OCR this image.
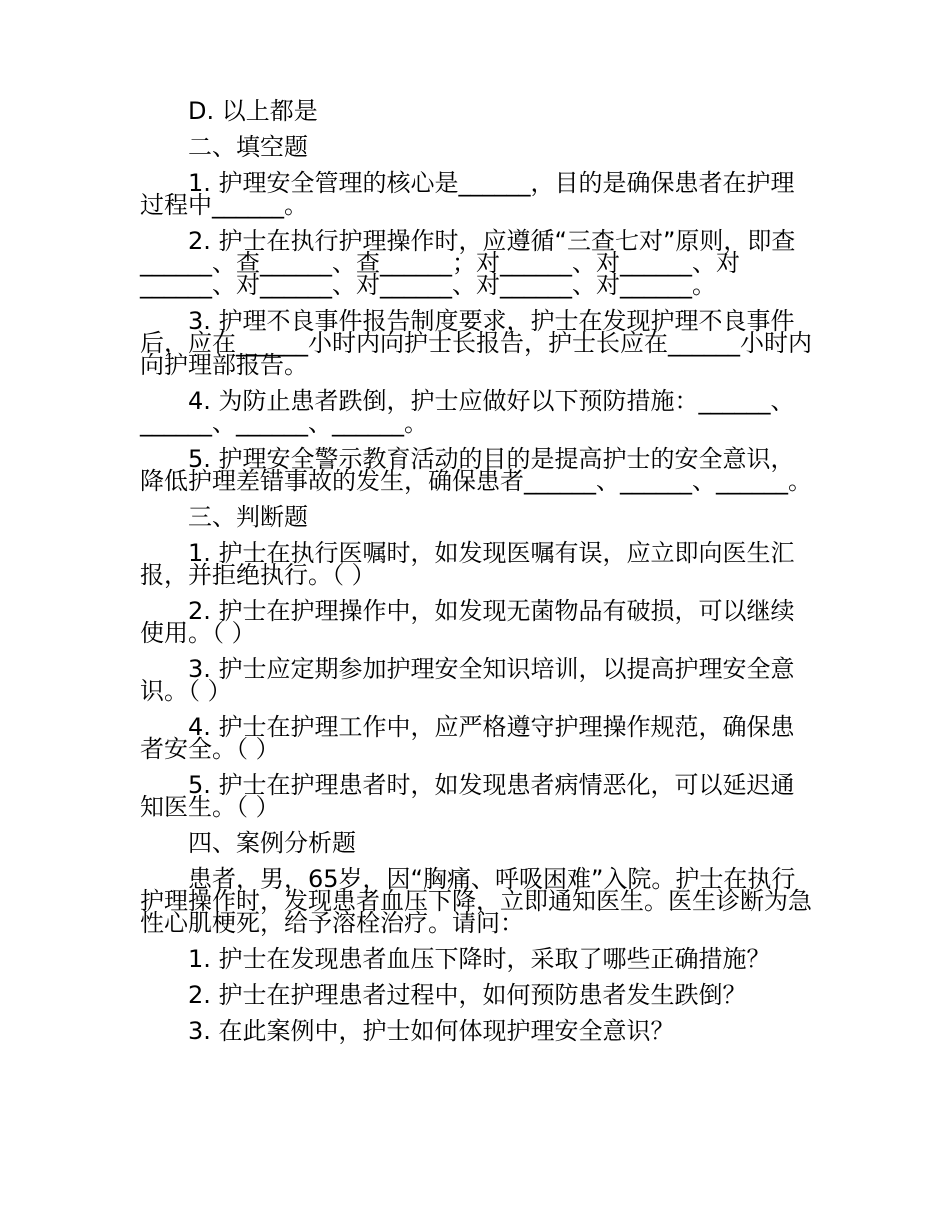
D. 以上都是

二、填空题

1. 护理安全管理的核心是______，目的是确保患者在护理过程中______。

2. 护士在执行护理操作时，应遵循“三查七对”原则，即查______、查______、查______；对______、对______、对______、对______、对______、对______、对______。

3. 护理不良事件报告制度要求，护士在发现护理不良事件后，应在______小时内向护士长报告，护士长应在______小时内向护理部报告。

4. 为防止患者跌倒，护士应做好以下预防措施：______、______、______、______。

5. 护理安全警示教育活动的目的是提高护士的安全意识，降低护理差错事故的发生，确保患者______、______、______。

三、判断题

1. 护士在执行医嘱时，如发现医嘱有误，应立即向医生汇报，并拒绝执行。（ ）

2. 护士在护理操作中，如发现无菌物品有破损，可以继续使用。（ ）

3. 护士应定期参加护理安全知识培训，以提高护理安全意识。（ ）

4. 护士在护理工作中，应严格遵守护理操作规范，确保患者安全。（ ）

5. 护士在护理患者时，如发现患者病情恶化，可以延迟通知医生。（ ）

四、案例分析题

患者，男，65岁，因“胸痛、呼吸困难”入院。护士在执行护理操作时，发现患者血压下降，立即通知医生。医生诊断为急性心肌梗死，给予溶栓治疗。请问：

1. 护士在发现患者血压下降时，采取了哪些正确措施？

2. 护士在护理患者过程中，如何预防患者发生跌倒？

3. 在此案例中，护士如何体现护理安全意识？
